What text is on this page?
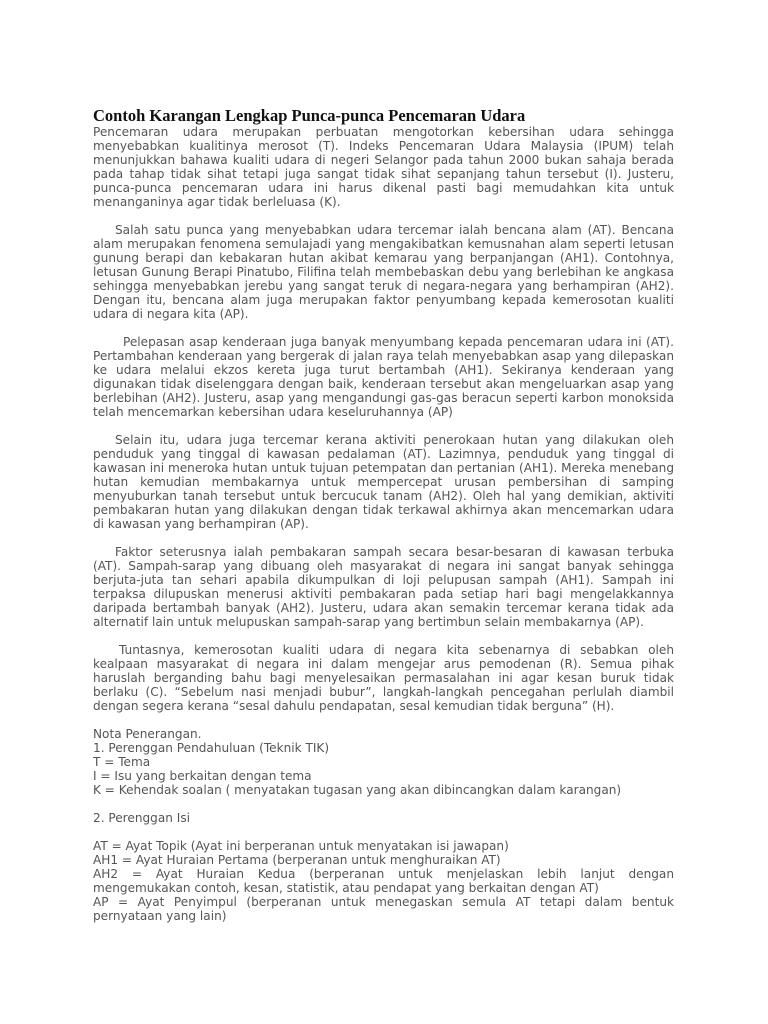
Contoh Karangan Lengkap Punca-punca Pencemaran Udara

Pencemaran udara merupakan perbuatan mengotorkan kebersihan udara sehingga menyebabkan kualitinya merosot (T). Indeks Pencemaran Udara Malaysia (IPUM) telah menunjukkan bahawa kualiti udara di negeri Selangor pada tahun 2000 bukan sahaja berada pada tahap tidak sihat tetapi juga sangat tidak sihat sepanjang tahun tersebut (I). Justeru, punca-punca pencemaran udara ini harus dikenal pasti bagi memudahkan kita untuk menanganinya agar tidak berleluasa (K).

Salah satu punca yang menyebabkan udara tercemar ialah bencana alam (AT). Bencana alam merupakan fenomena semulajadi yang mengakibatkan kemusnahan alam seperti letusan gunung berapi dan kebakaran hutan akibat kemarau yang berpanjangan (AH1). Contohnya, letusan Gunung Berapi Pinatubo, Filifina telah membebaskan debu yang berlebihan ke angkasa sehingga menyebabkan jerebu yang sangat teruk di negara-negara yang berhampiran (AH2). Dengan itu, bencana alam juga merupakan faktor penyumbang kepada kemerosotan kualiti udara di negara kita (AP).

Pelepasan asap kenderaan juga banyak menyumbang kepada pencemaran udara ini (AT). Pertambahan kenderaan yang bergerak di jalan raya telah menyebabkan asap yang dilepaskan ke udara melalui ekzos kereta juga turut bertambah (AH1). Sekiranya kenderaan yang digunakan tidak diselenggara dengan baik, kenderaan tersebut akan mengeluarkan asap yang berlebihan (AH2). Justeru, asap yang mengandungi gas-gas beracun seperti karbon monoksida telah mencemarkan kebersihan udara keseluruhannya (AP)

Selain itu, udara juga tercemar kerana aktiviti penerokaan hutan yang dilakukan oleh penduduk yang tinggal di kawasan pedalaman (AT). Lazimnya, penduduk yang tinggal di kawasan ini meneroka hutan untuk tujuan petempatan dan pertanian (AH1). Mereka menebang hutan kemudian membakarnya untuk mempercepat urusan pembersihan di samping menyuburkan tanah tersebut untuk bercucuk tanam (AH2). Oleh hal yang demikian, aktiviti pembakaran hutan yang dilakukan dengan tidak terkawal akhirnya akan mencemarkan udara di kawasan yang berhampiran (AP).

Faktor seterusnya ialah pembakaran sampah secara besar-besaran di kawasan terbuka (AT). Sampah-sarap yang dibuang oleh masyarakat di negara ini sangat banyak sehingga berjuta-juta tan sehari apabila dikumpulkan di loji pelupusan sampah (AH1). Sampah ini terpaksa dilupuskan menerusi aktiviti pembakaran pada setiap hari bagi mengelakkannya daripada bertambah banyak (AH2). Justeru, udara akan semakin tercemar kerana tidak ada alternatif lain untuk melupuskan sampah-sarap yang bertimbun selain membakarnya (AP).

Tuntasnya, kemerosotan kualiti udara di negara kita sebenarnya di sebabkan oleh kealpaan masyarakat di negara ini dalam mengejar arus pemodenan (R). Semua pihak haruslah berganding bahu bagi menyelesaikan permasalahan ini agar kesan buruk tidak berlaku (C). “Sebelum nasi menjadi bubur”, langkah-langkah pencegahan perlulah diambil dengan segera kerana “sesal dahulu pendapatan, sesal kemudian tidak berguna” (H).

Nota Penerangan.

1. Perenggan Pendahuluan (Teknik TIK)

T = Tema

I = Isu yang berkaitan dengan tema

K = Kehendak soalan ( menyatakan tugasan yang akan dibincangkan dalam karangan)

2. Perenggan Isi

AT = Ayat Topik (Ayat ini berperanan untuk menyatakan isi jawapan)

AH1 = Ayat Huraian Pertama (berperanan untuk menghuraikan AT)

AH2 = Ayat Huraian Kedua (berperanan untuk menjelaskan lebih lanjut dengan mengemukakan contoh, kesan, statistik, atau pendapat yang berkaitan dengan AT)

AP = Ayat Penyimpul (berperanan untuk menegaskan semula AT tetapi dalam bentuk pernyataan yang lain)
